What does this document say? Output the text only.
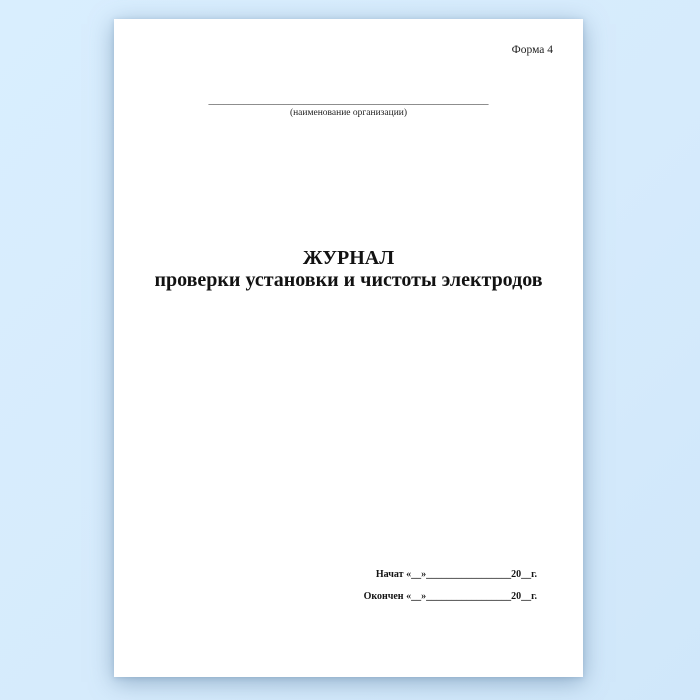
Форма 4
________________________________________________________
(наименование организации)
ЖУРНАЛ
проверки установки и чистоты электродов
Начат «__»_________________20__г.
Окончен «__»_________________20__г.
